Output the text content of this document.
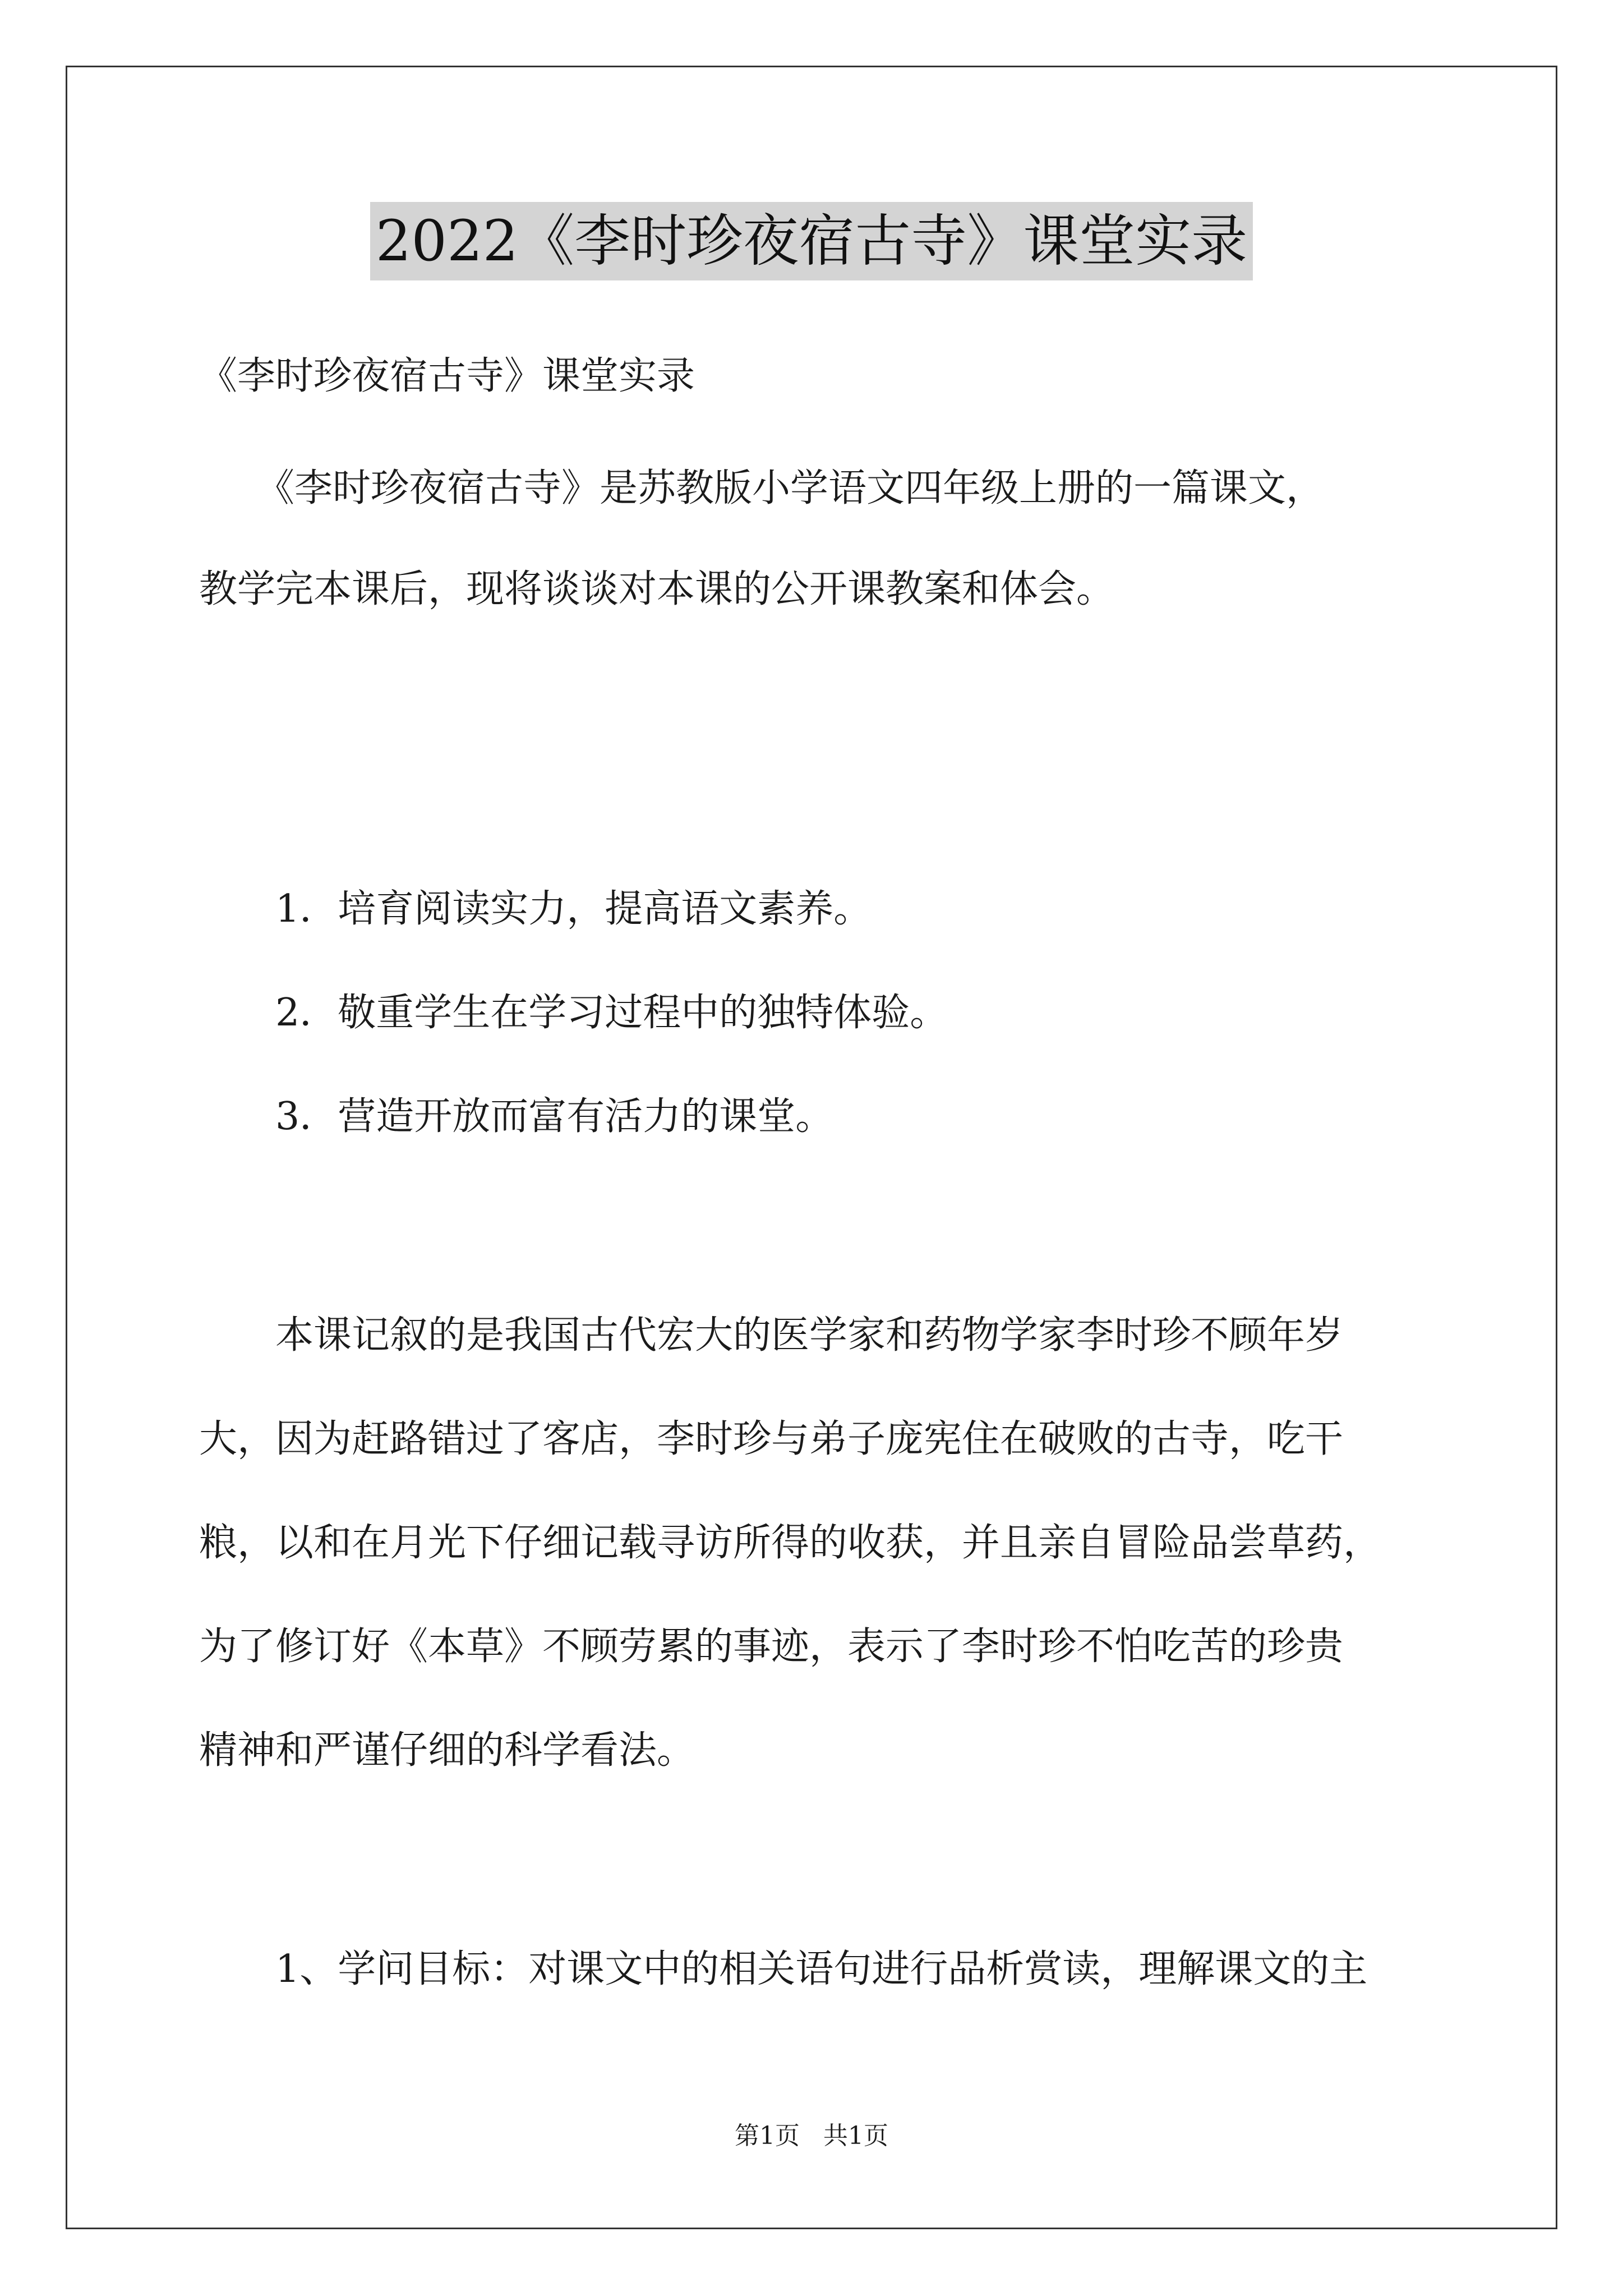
2022《李时珍夜宿古寺》课堂实录
《李时珍夜宿古寺》课堂实录
　　《李时珍夜宿古寺》是苏教版小学语文四年级上册的一篇课文，
教学完本课后，现将谈谈对本课的公开课教案和体会。
　　1．培育阅读实力，提高语文素养。
　　2．敬重学生在学习过程中的独特体验。
　　3．营造开放而富有活力的课堂。
　　本课记叙的是我国古代宏大的医学家和药物学家李时珍不顾年岁
大，因为赶路错过了客店，李时珍与弟子庞宪住在破败的古寺，吃干
粮，以和在月光下仔细记载寻访所得的收获，并且亲自冒险品尝草药，
为了修订好《本草》不顾劳累的事迹，表示了李时珍不怕吃苦的珍贵
精神和严谨仔细的科学看法。
　　1、学问目标：对课文中的相关语句进行品析赏读，理解课文的主
第1页 共1页
